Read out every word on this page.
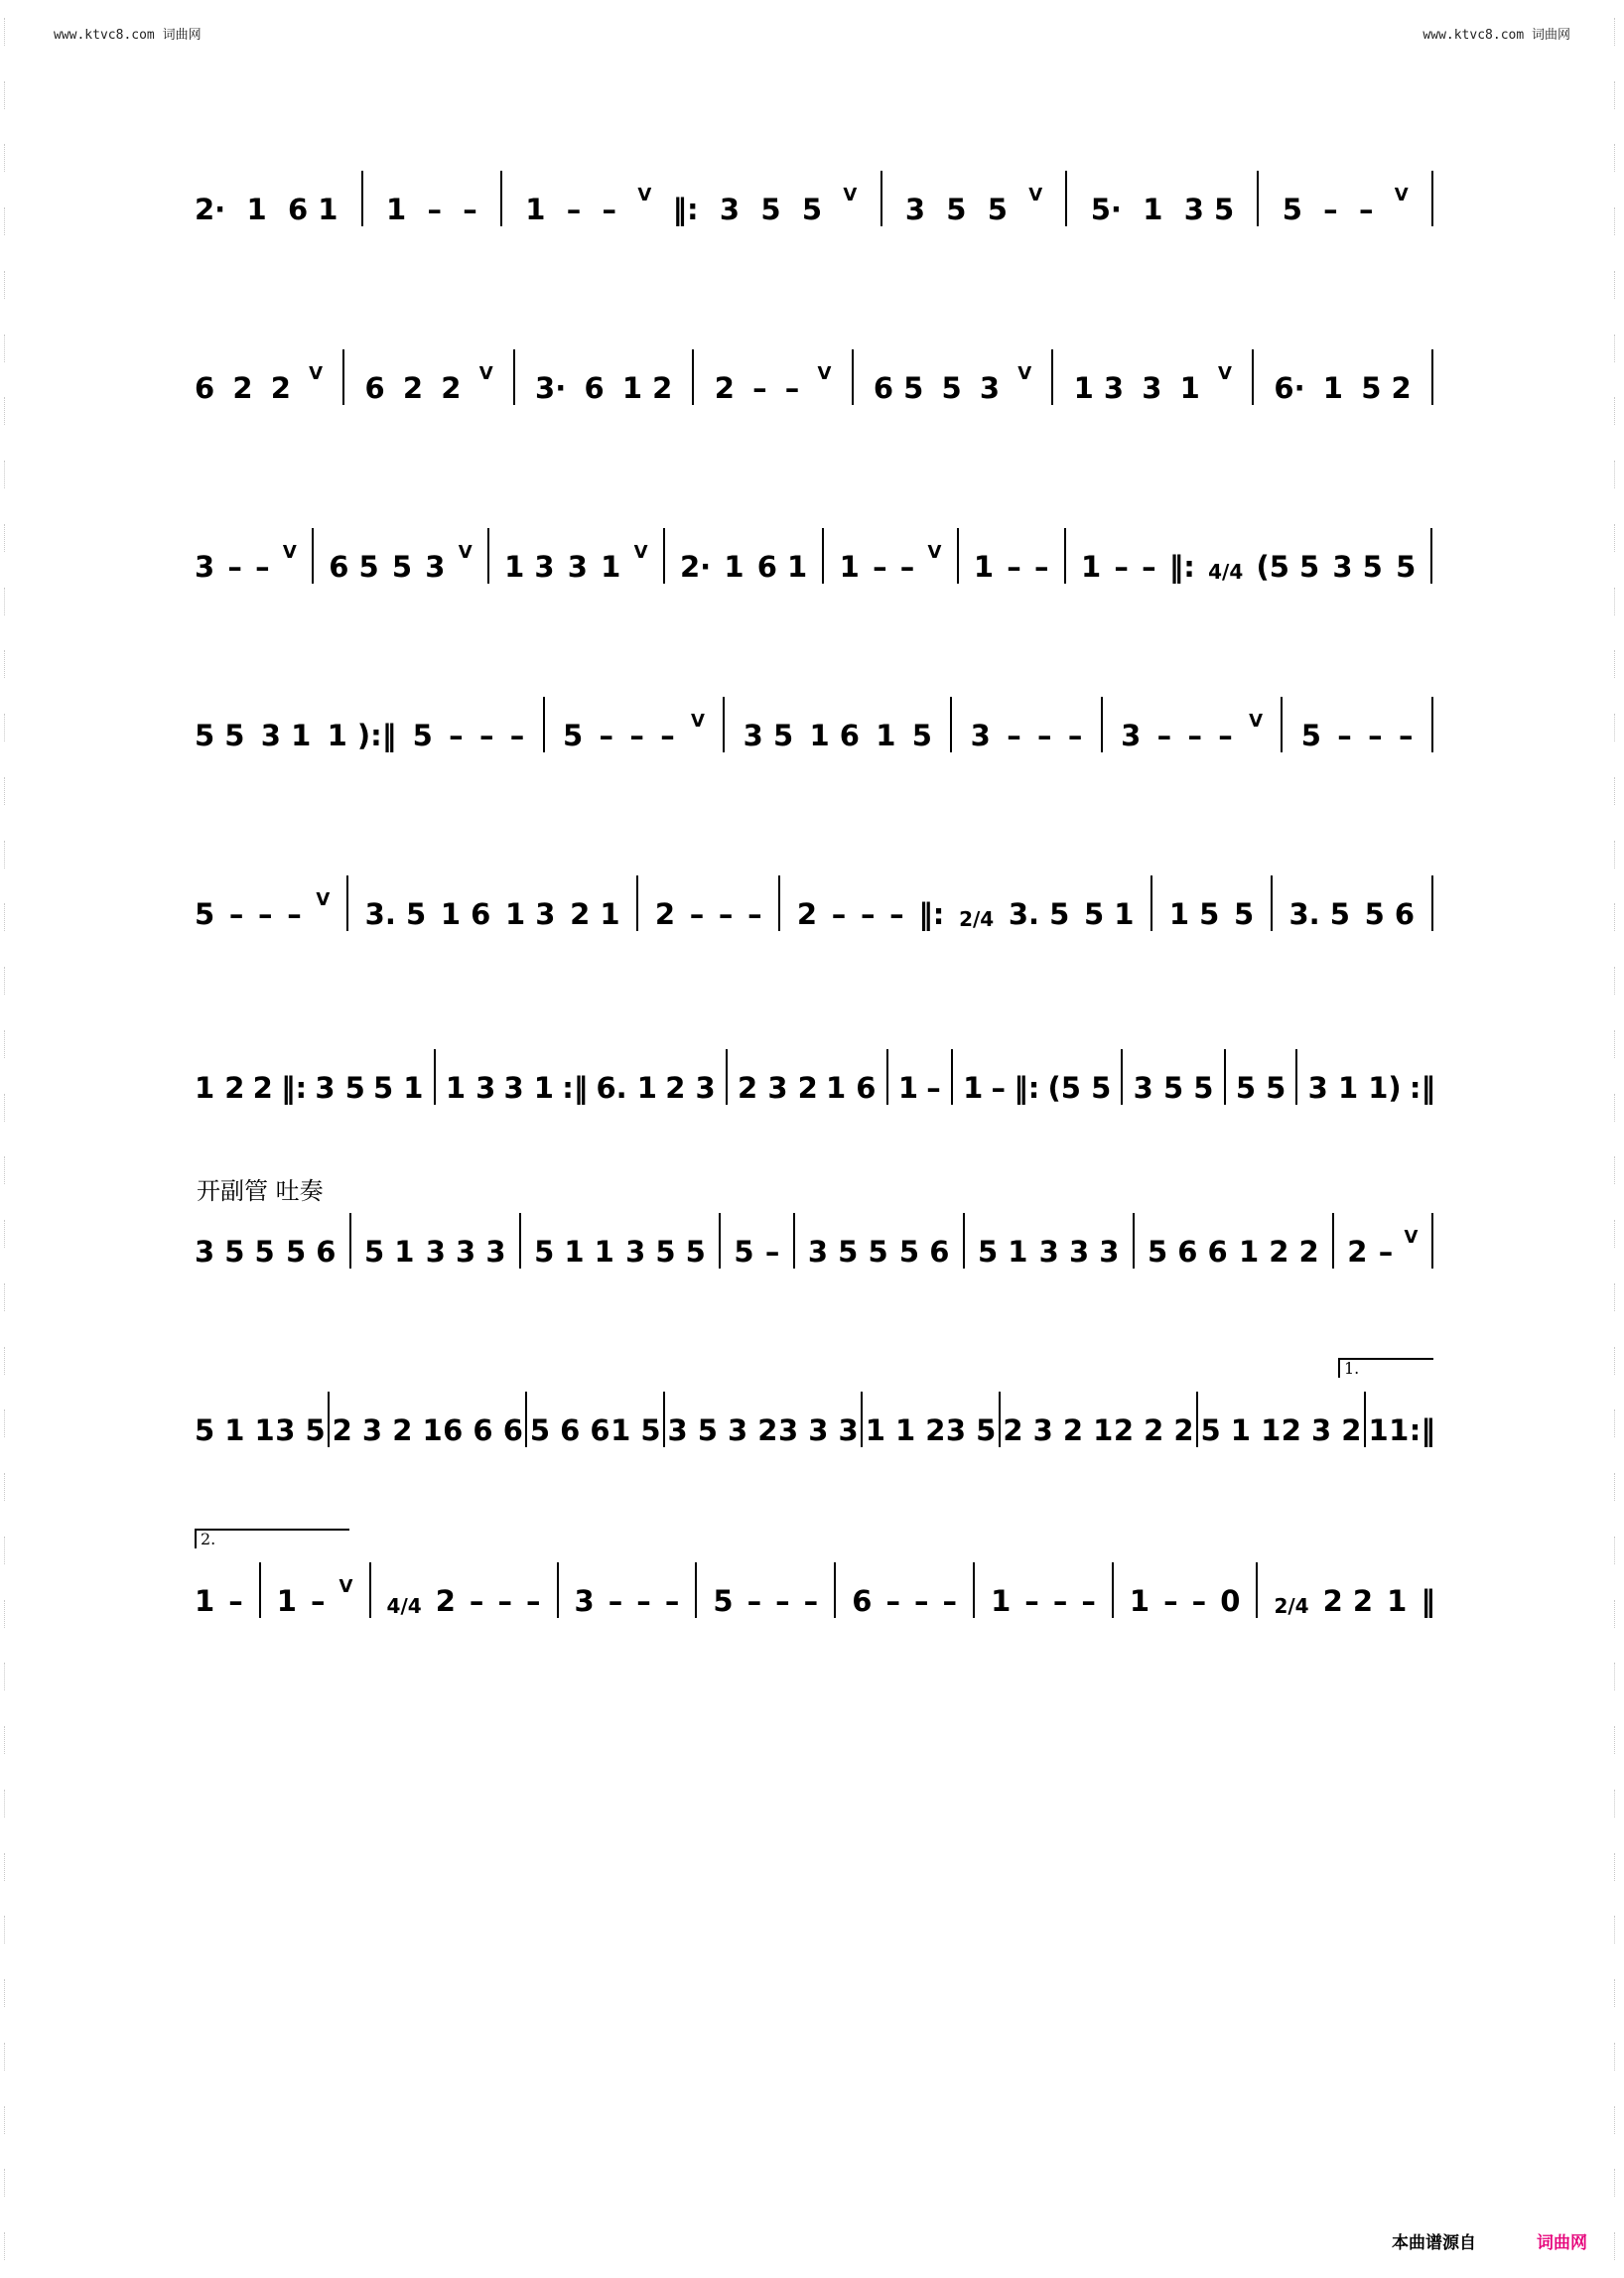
www.ktvc8.com 词曲网	www.ktvc8.com 词曲网
2· 1 6 1 1 – – 1 – – V ‖: 3 5 5 V 3 5 5 V 5· 1 3 5 5 – – V
6 2 2 V 6 2 2 V 3· 6 1 2 2 – – V 6 5 5 3 V 1 3 3 1 V 6· 1 5 2
3 – – V 6 5 5 3 V 1 3 3 1 V 2· 1 6 1 1 – – V 1 – – 1 – – ‖: 4/4 (5 5 3 5 5
5 5 3 1 1 ):‖ 5 – – – 5 – – – V 3 5 1 6 1 5 3 – – – 3 – – – V 5 – – –
5 – – – V 3. 5 1 6 1 3 2 1 2 – – – 2 – – – ‖: 2/4 3. 5 5 1 1 5 5 3. 5 5 6
1 2 2 ‖: 3 5 5 1 1 3 3 1 :‖ 6. 1 2 3 2 3 2 1 6 1 – 1 – ‖: (5 5 3 5 5 5 5 3 1 1) :‖
开副管 吐奏
3 5 5 5 6 5 1 3 3 3 5 1 1 3 5 5 5 – 3 5 5 5 6 5 1 3 3 3 5 6 6 1 2 2 2 – V
5 1 1 3 5 2 3 2 1 6 6 6 5 6 6 1 5 3 5 3 2 3 3 3 1 1 2 3 5 2 3 2 1 2 2 2 5 1 1 2 3 2 1 1 :‖
1.
2.
1 – 1 – V
4/4 2 – – – 3 – – – 5 – – – 6 – – – 1 – – – 1 – – 0 2/4 2 2 1 ‖
本曲谱源自	词曲网
